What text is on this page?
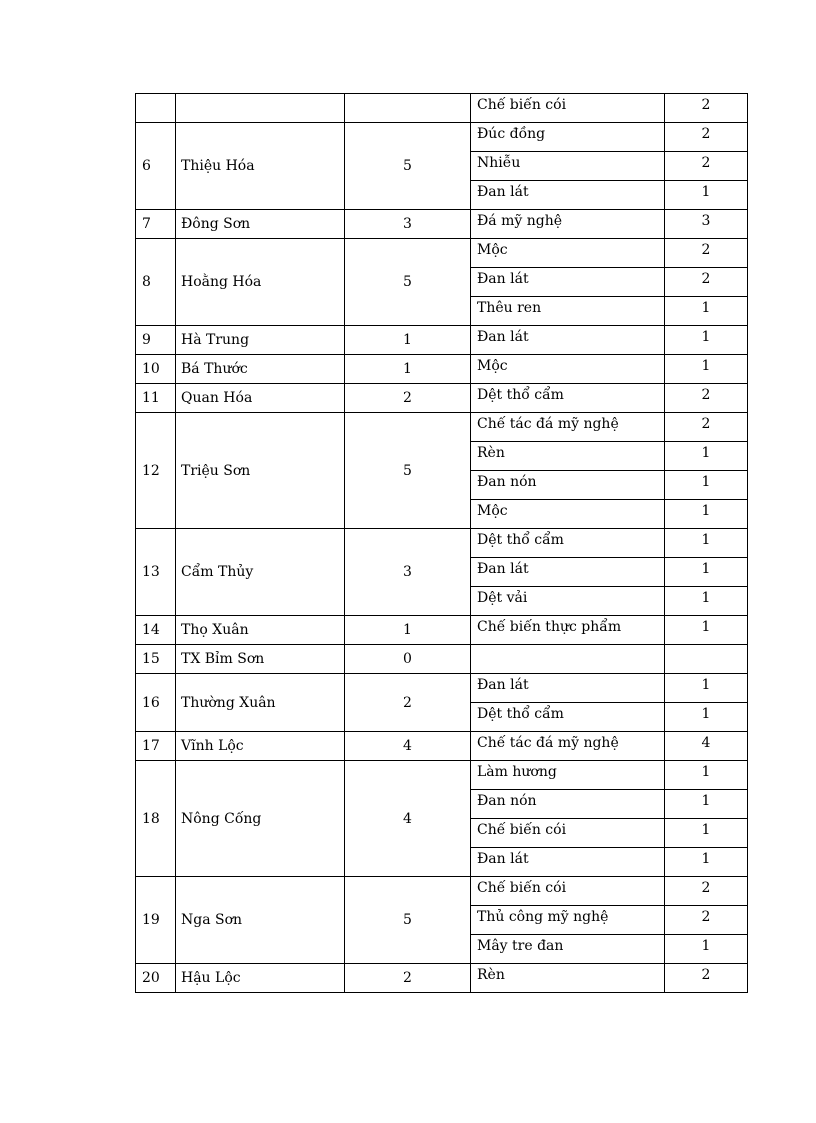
			Chế biến cói	2
6	Thiệu Hóa	5	Đúc đồng	2
			Nhiễu	2
			Đan lát	1
7	Đông Sơn	3	Đá mỹ nghệ	3
8	Hoằng Hóa	5	Mộc	2
			Đan lát	2
			Thêu ren	1
9	Hà Trung	1	Đan lát	1
10	Bá Thước	1	Mộc	1
11	Quan Hóa	2	Dệt thổ cẩm	2
12	Triệu Sơn	5	Chế tác đá mỹ nghệ	2
			Rèn	1
			Đan nón	1
			Mộc	1
13	Cẩm Thủy	3	Dệt thổ cẩm	1
			Đan lát	1
			Dệt vải	1
14	Thọ Xuân	1	Chế biến thực phẩm	1
15	TX Bỉm Sơn	0		
16	Thường Xuân	2	Đan lát	1
			Dệt thổ cẩm	1
17	Vĩnh Lộc	4	Chế tác đá mỹ nghệ	4
18	Nông Cống	4	Làm hương	1
			Đan nón	1
			Chế biến cói	1
			Đan lát	1
19	Nga Sơn	5	Chế biến cói	2
			Thủ công mỹ nghệ	2
			Mây tre đan	1
20	Hậu Lộc	2	Rèn	2
